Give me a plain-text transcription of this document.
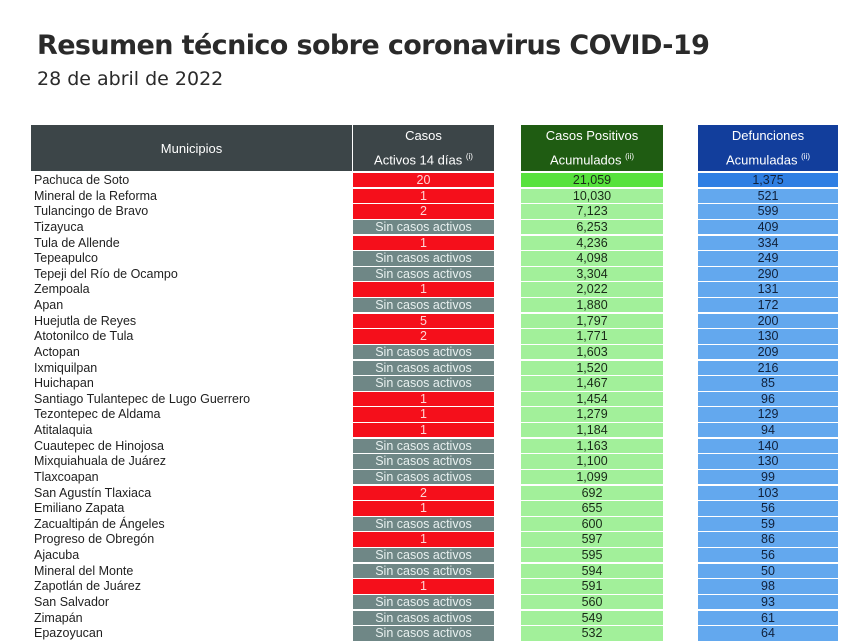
Resumen técnico sobre coronavirus COVID-19
28 de abril de 2022
Municipios
Casos
Activos 14 días $^{(i)}$
Casos Positivos
Acumulados $^{(ii)}$
Defunciones
Acumuladas $^{(ii)}$
Pachuca de Soto	20	21,059	1,375
Mineral de la Reforma	1	10,030	521
Tulancingo de Bravo	2	7,123	599
Tizayuca	Sin casos activos	6,253	409
Tula de Allende	1	4,236	334
Tepeapulco	Sin casos activos	4,098	249
Tepeji del Río de Ocampo	Sin casos activos	3,304	290
Zempoala	1	2,022	131
Apan	Sin casos activos	1,880	172
Huejutla de Reyes	5	1,797	200
Atotonilco de Tula	2	1,771	130
Actopan	Sin casos activos	1,603	209
Ixmiquilpan	Sin casos activos	1,520	216
Huichapan	Sin casos activos	1,467	85
Santiago Tulantepec de Lugo Guerrero	1	1,454	96
Tezontepec de Aldama	1	1,279	129
Atitalaquia	1	1,184	94
Cuautepec de Hinojosa	Sin casos activos	1,163	140
Mixquiahuala de Juárez	Sin casos activos	1,100	130
Tlaxcoapan	Sin casos activos	1,099	99
San Agustín Tlaxiaca	2	692	103
Emiliano Zapata	1	655	56
Zacualtipán de Ángeles	Sin casos activos	600	59
Progreso de Obregón	1	597	86
Ajacuba	Sin casos activos	595	56
Mineral del Monte	Sin casos activos	594	50
Zapotlán de Juárez	1	591	98
San Salvador	Sin casos activos	560	93
Zimapán	Sin casos activos	549	61
Epazoyucan	Sin casos activos	532	64
